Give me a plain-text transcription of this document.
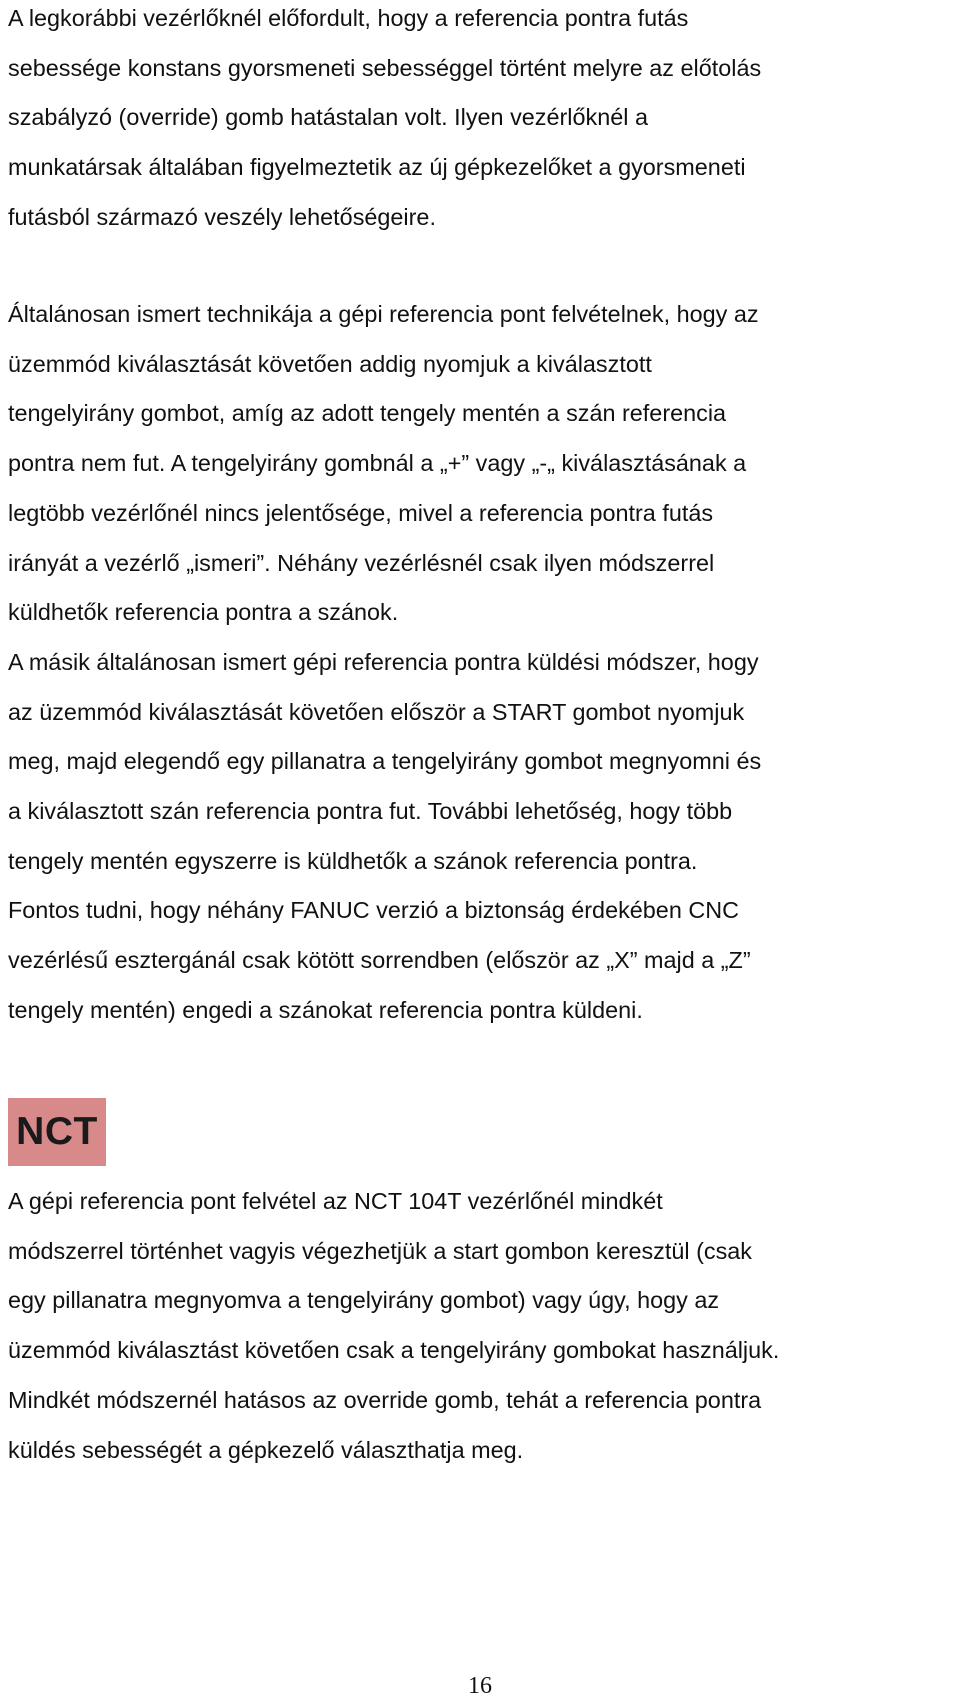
A legkorábbi vezérlőknél előfordult, hogy a referencia pontra futás
sebessége konstans gyorsmeneti sebességgel történt melyre az előtolás
szabályzó (override) gomb hatástalan volt. Ilyen vezérlőknél a
munkatársak általában figyelmeztetik az új gépkezelőket a gyorsmeneti
futásból származó veszély lehetőségeire.
Általánosan ismert technikája a gépi referencia pont felvételnek, hogy az
üzemmód kiválasztását követően addig nyomjuk a kiválasztott
tengelyirány gombot, amíg az adott tengely mentén a szán referencia
pontra nem fut. A tengelyirány gombnál a „+” vagy „-„ kiválasztásának a
legtöbb vezérlőnél nincs jelentősége, mivel a referencia pontra futás
irányát a vezérlő „ismeri”. Néhány vezérlésnél csak ilyen módszerrel
küldhetők referencia pontra a szánok.
A másik általánosan ismert gépi referencia pontra küldési módszer, hogy
az üzemmód kiválasztását követően először a START gombot nyomjuk
meg, majd elegendő egy pillanatra a tengelyirány gombot megnyomni és
a kiválasztott szán referencia pontra fut. További lehetőség, hogy több
tengely mentén egyszerre is küldhetők a szánok referencia pontra.
Fontos tudni, hogy néhány FANUC verzió a biztonság érdekében CNC
vezérlésű esztergánál csak kötött sorrendben (először az „X” majd a „Z”
tengely mentén) engedi a szánokat referencia pontra küldeni.
NCT
A gépi referencia pont felvétel az NCT 104T vezérlőnél mindkét
módszerrel történhet vagyis végezhetjük a start gombon keresztül (csak
egy pillanatra megnyomva a tengelyirány gombot) vagy úgy, hogy az
üzemmód kiválasztást követően csak a tengelyirány gombokat használjuk.
Mindkét módszernél hatásos az override gomb, tehát a referencia pontra
küldés sebességét a gépkezelő választhatja meg.
16
